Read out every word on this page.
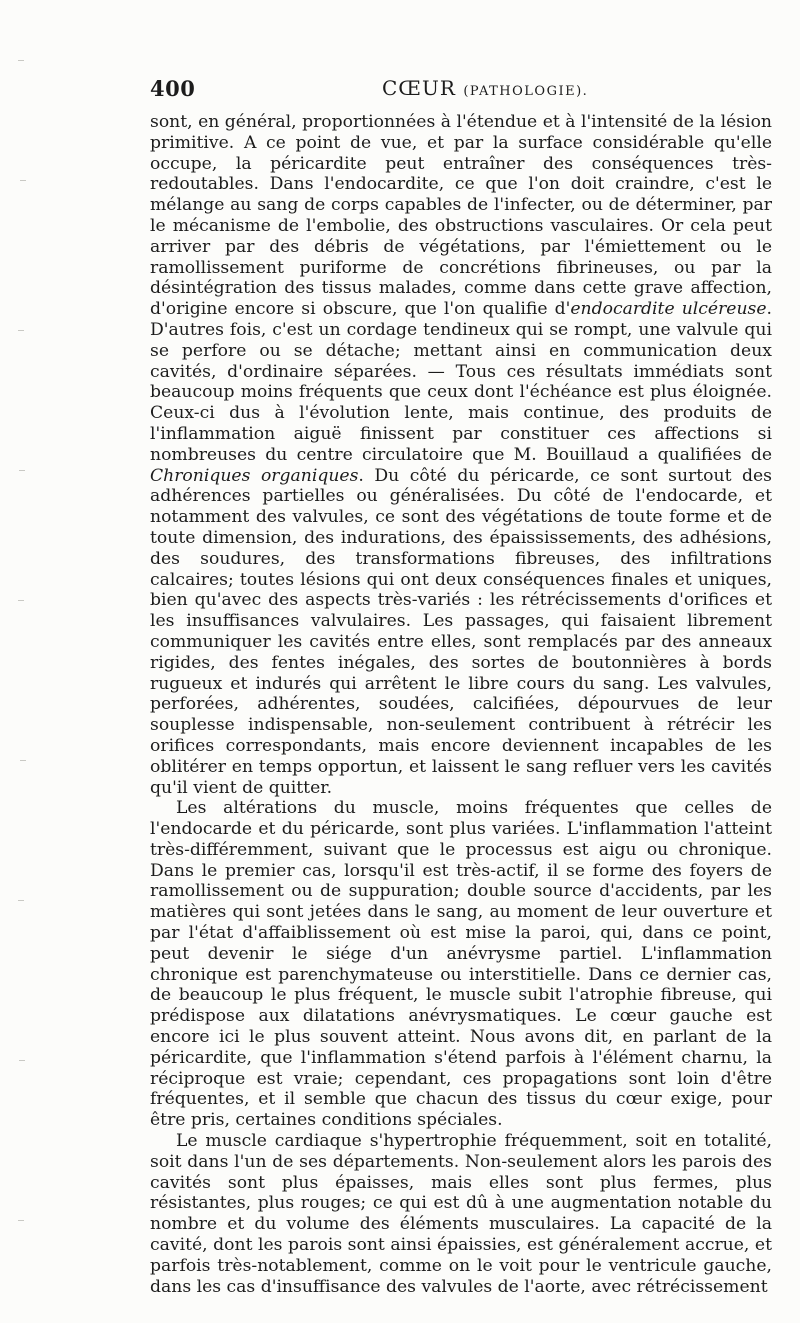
400	CŒUR (PATHOLOGIE).

sont, en général, proportionnées à l'étendue et à l'intensité de la lésion primitive. A ce point de vue, et par la surface considérable qu'elle occupe, la péricardite peut entraîner des conséquences très-redoutables. Dans l'endocardite, ce que l'on doit craindre, c'est le mélange au sang de corps capables de l'infecter, ou de déterminer, par le mécanisme de l'embolie, des obstructions vasculaires. Or cela peut arriver par des débris de végétations, par l'émiettement ou le ramollissement puriforme de concrétions fibrineuses, ou par la désintégration des tissus malades, comme dans cette grave affection, d'origine encore si obscure, que l'on qualifie d'endocardite ulcéreuse. D'autres fois, c'est un cordage tendineux qui se rompt, une valvule qui se perfore ou se détache; mettant ainsi en communication deux cavités, d'ordinaire séparées. — Tous ces résultats immédiats sont beaucoup moins fréquents que ceux dont l'échéance est plus éloignée. Ceux-ci dus à l'évolution lente, mais continue, des produits de l'inflammation aiguë finissent par constituer ces affections si nombreuses du centre circulatoire que M. Bouillaud a qualifiées de Chroniques organiques. Du côté du péricarde, ce sont surtout des adhérences partielles ou généralisées. Du côté de l'endocarde, et notamment des valvules, ce sont des végétations de toute forme et de toute dimension, des indurations, des épaississements, des adhésions, des soudures, des transformations fibreuses, des infiltrations calcaires; toutes lésions qui ont deux conséquences finales et uniques, bien qu'avec des aspects très-variés : les rétrécissements d'orifices et les insuffisances valvulaires. Les passages, qui faisaient librement communiquer les cavités entre elles, sont remplacés par des anneaux rigides, des fentes inégales, des sortes de boutonnières à bords rugueux et indurés qui arrêtent le libre cours du sang. Les valvules, perforées, adhérentes, soudées, calcifiées, dépourvues de leur souplesse indispensable, non-seulement contribuent à rétrécir les orifices correspondants, mais encore deviennent incapables de les oblitérer en temps opportun, et laissent le sang refluer vers les cavités qu'il vient de quitter.

Les altérations du muscle, moins fréquentes que celles de l'endocarde et du péricarde, sont plus variées. L'inflammation l'atteint très-différemment, suivant que le processus est aigu ou chronique. Dans le premier cas, lorsqu'il est très-actif, il se forme des foyers de ramollissement ou de suppuration; double source d'accidents, par les matières qui sont jetées dans le sang, au moment de leur ouverture et par l'état d'affaiblissement où est mise la paroi, qui, dans ce point, peut devenir le siége d'un anévrysme partiel. L'inflammation chronique est parenchymateuse ou interstitielle. Dans ce dernier cas, de beaucoup le plus fréquent, le muscle subit l'atrophie fibreuse, qui prédispose aux dilatations anévrysmatiques. Le cœur gauche est encore ici le plus souvent atteint. Nous avons dit, en parlant de la péricardite, que l'inflammation s'étend parfois à l'élément charnu, la réciproque est vraie; cependant, ces propagations sont loin d'être fréquentes, et il semble que chacun des tissus du cœur exige, pour être pris, certaines conditions spéciales.

Le muscle cardiaque s'hypertrophie fréquemment, soit en totalité, soit dans l'un de ses départements. Non-seulement alors les parois des cavités sont plus épaisses, mais elles sont plus fermes, plus résistantes, plus rouges; ce qui est dû à une augmentation notable du nombre et du volume des éléments musculaires. La capacité de la cavité, dont les parois sont ainsi épaissies, est généralement accrue, et parfois très-notablement, comme on le voit pour le ventricule gauche, dans les cas d'insuffisance des valvules de l'aorte, avec rétrécissement
